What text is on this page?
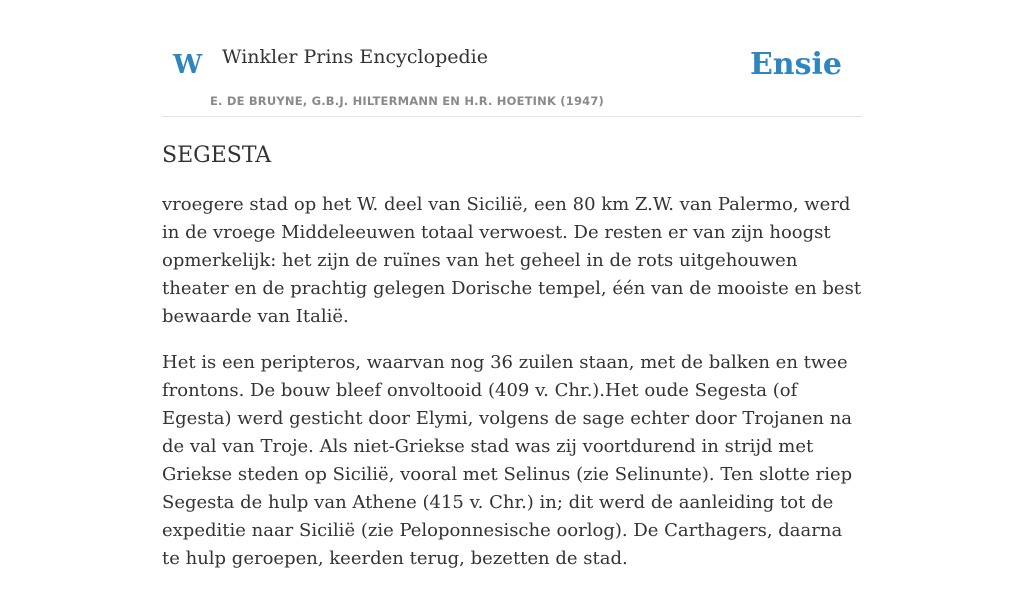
W Winkler Prins Encyclopedie
E. DE BRUYNE, G.B.J. HILTERMANN EN H.R. HOETINK (1947)
Ensie
SEGESTA

vroegere stad op het W. deel van Sicilië, een 80 km Z.W. van Palermo, werd in de vroege Middeleeuwen totaal verwoest. De resten er van zijn hoogst opmerkelijk: het zijn de ruïnes van het geheel in de rots uitgehouwen theater en de prachtig gelegen Dorische tempel, één van de mooiste en best bewaarde van Italië.

Het is een peripteros, waarvan nog 36 zuilen staan, met de balken en twee frontons. De bouw bleef onvoltooid (409 v. Chr.).Het oude Segesta (of Egesta) werd gesticht door Elymi, volgens de sage echter door Trojanen na de val van Troje. Als niet-Griekse stad was zij voortdurend in strijd met Griekse steden op Sicilië, vooral met Selinus (zie Selinunte). Ten slotte riep Segesta de hulp van Athene (415 v. Chr.) in; dit werd de aanleiding tot de expeditie naar Sicilië (zie Peloponnesische oorlog). De Carthagers, daarna te hulp geroepen, keerden terug, bezetten de stad.
